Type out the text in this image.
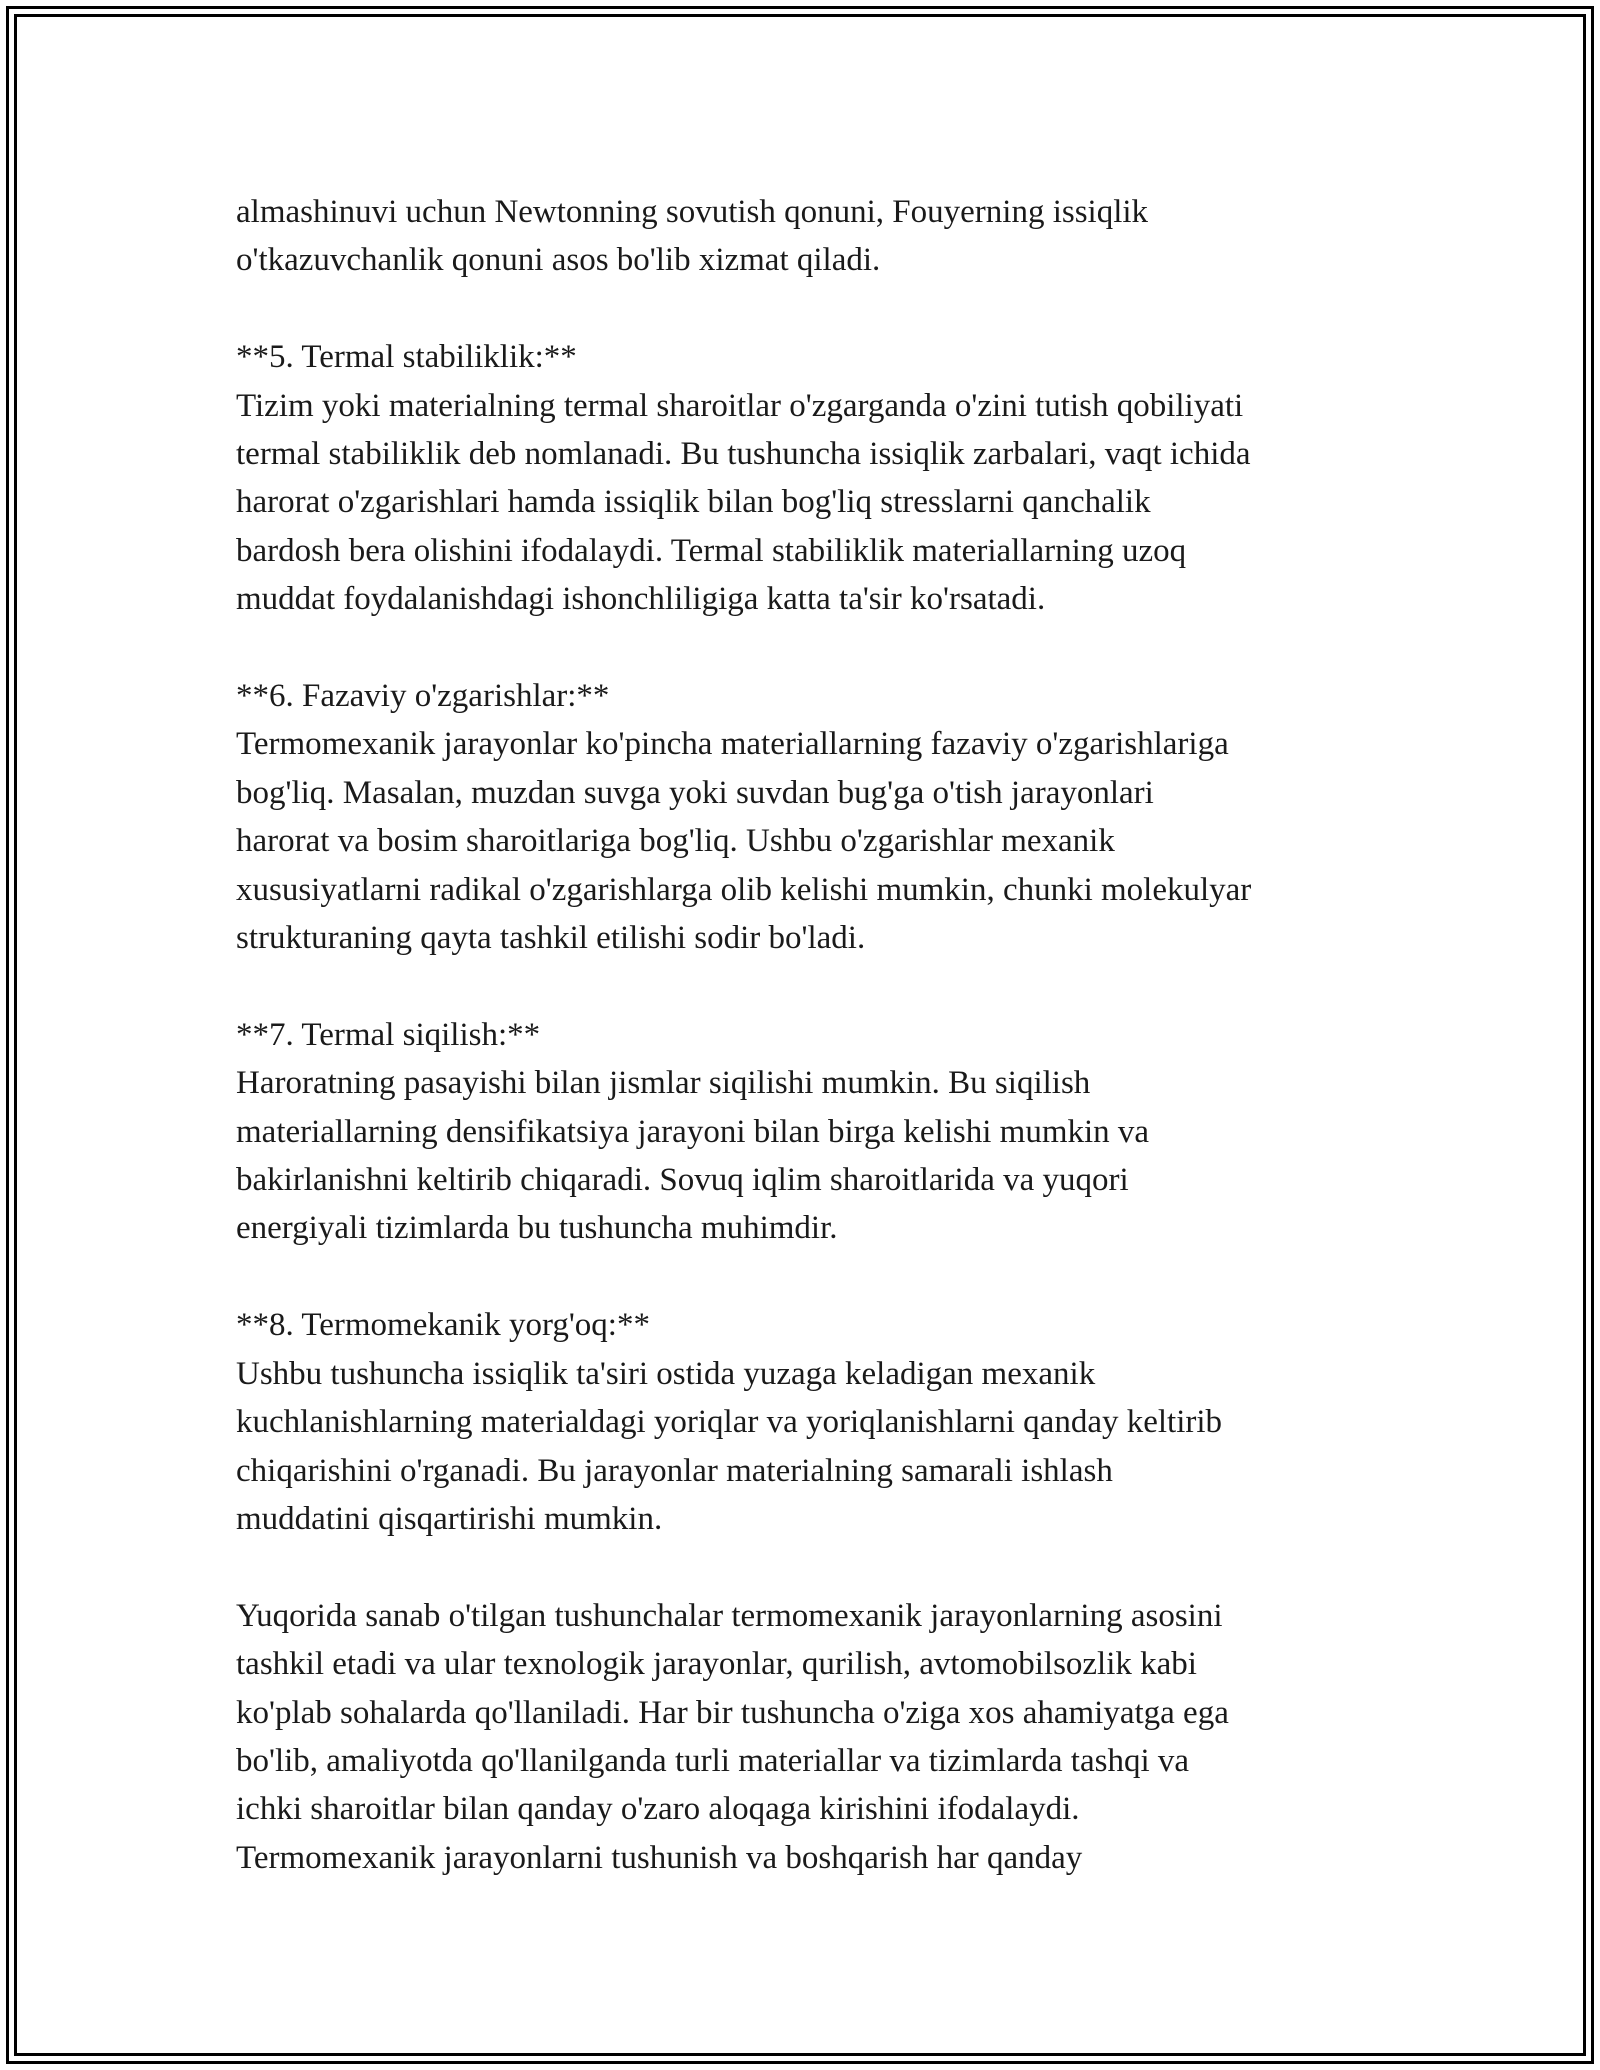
almashinuvi uchun Newtonning sovutish qonuni, Fouyerning issiqlik
o'tkazuvchanlik qonuni asos bo'lib xizmat qiladi.
**5. Termal stabiliklik:**
Tizim yoki materialning termal sharoitlar o'zgarganda o'zini tutish qobiliyati
termal stabiliklik deb nomlanadi. Bu tushuncha issiqlik zarbalari, vaqt ichida
harorat o'zgarishlari hamda issiqlik bilan bog'liq stresslarni qanchalik
bardosh bera olishini ifodalaydi. Termal stabiliklik materiallarning uzoq
muddat foydalanishdagi ishonchliligiga katta ta'sir ko'rsatadi.
**6. Fazaviy o'zgarishlar:**
Termomexanik jarayonlar ko'pincha materiallarning fazaviy o'zgarishlariga
bog'liq. Masalan, muzdan suvga yoki suvdan bug'ga o'tish jarayonlari
harorat va bosim sharoitlariga bog'liq. Ushbu o'zgarishlar mexanik
xususiyatlarni radikal o'zgarishlarga olib kelishi mumkin, chunki molekulyar
strukturaning qayta tashkil etilishi sodir bo'ladi.
**7. Termal siqilish:**
Haroratning pasayishi bilan jismlar siqilishi mumkin. Bu siqilish
materiallarning densifikatsiya jarayoni bilan birga kelishi mumkin va
bakirlanishni keltirib chiqaradi. Sovuq iqlim sharoitlarida va yuqori
energiyali tizimlarda bu tushuncha muhimdir.
**8. Termomekanik yorg'oq:**
Ushbu tushuncha issiqlik ta'siri ostida yuzaga keladigan mexanik
kuchlanishlarning materialdagi yoriqlar va yoriqlanishlarni qanday keltirib
chiqarishini o'rganadi. Bu jarayonlar materialning samarali ishlash
muddatini qisqartirishi mumkin.
Yuqorida sanab o'tilgan tushunchalar termomexanik jarayonlarning asosini
tashkil etadi va ular texnologik jarayonlar, qurilish, avtomobilsozlik kabi
ko'plab sohalarda qo'llaniladi. Har bir tushuncha o'ziga xos ahamiyatga ega
bo'lib, amaliyotda qo'llanilganda turli materiallar va tizimlarda tashqi va
ichki sharoitlar bilan qanday o'zaro aloqaga kirishini ifodalaydi.
Termomexanik jarayonlarni tushunish va boshqarish har qanday
